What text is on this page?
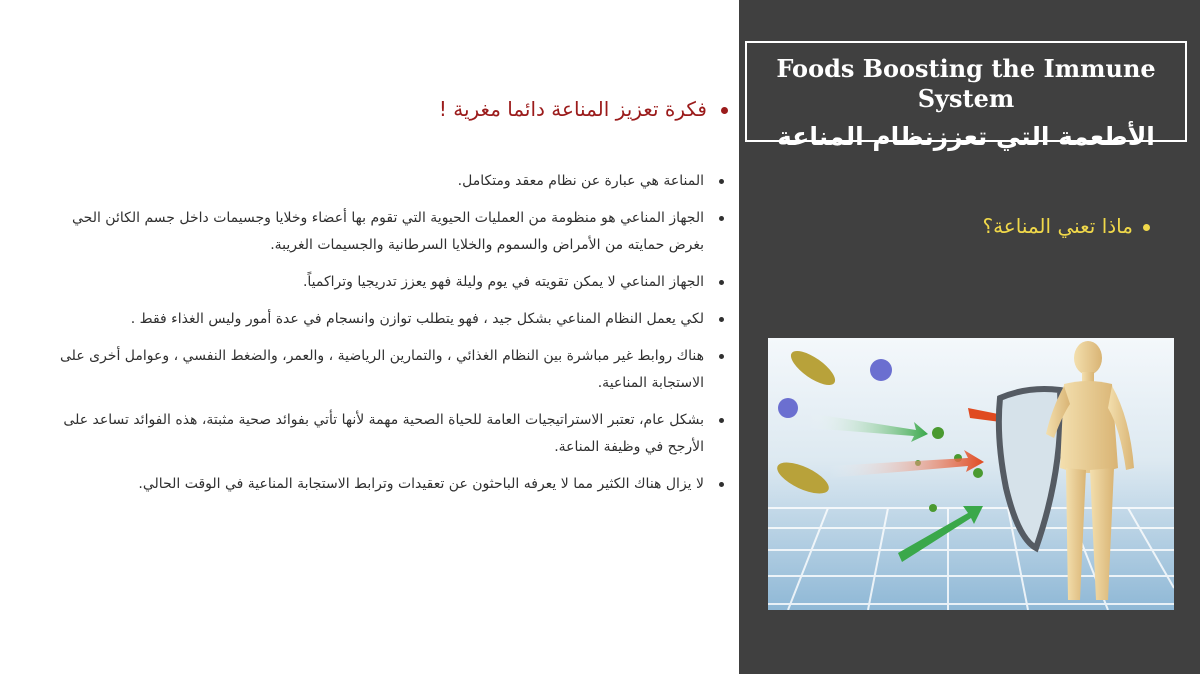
Foods Boosting the Immune System
الأطعمة التي تعززنظام المناعة
ماذا تعني المناعة؟
فكرة تعزيز المناعة دائما مغرية !
المناعة هي عبارة عن نظام معقد ومتكامل.
الجهاز المناعي هو منظومة من العمليات الحيوية التي تقوم بها أعضاء وخلايا وجسيمات داخل جسم الكائن الحي بغرض حمايته من الأمراض والسموم والخلايا السرطانية والجسيمات الغريبة.
الجهاز المناعي لا يمكن تقويته في يوم وليلة فهو يعزز تدريجيا وتراكمياً.
لكي يعمل النظام المناعي بشكل جيد ، فهو يتطلب توازن وانسجام في عدة أمور وليس الغذاء فقط .
هناك روابط غير مباشرة بين النظام الغذائي ، والتمارين الرياضية ، والعمر، والضغط النفسي ، وعوامل أخرى على الاستجابة المناعية.
بشكل عام، تعتبر الاستراتيجيات العامة للحياة الصحية مهمة لأنها تأتي بفوائد صحية مثبتة، هذه الفوائد تساعد على الأرجح في وظيفة المناعة.
لا يزال هناك الكثير مما لا يعرفه الباحثون عن تعقيدات وترابط الاستجابة المناعية في الوقت الحالي.
